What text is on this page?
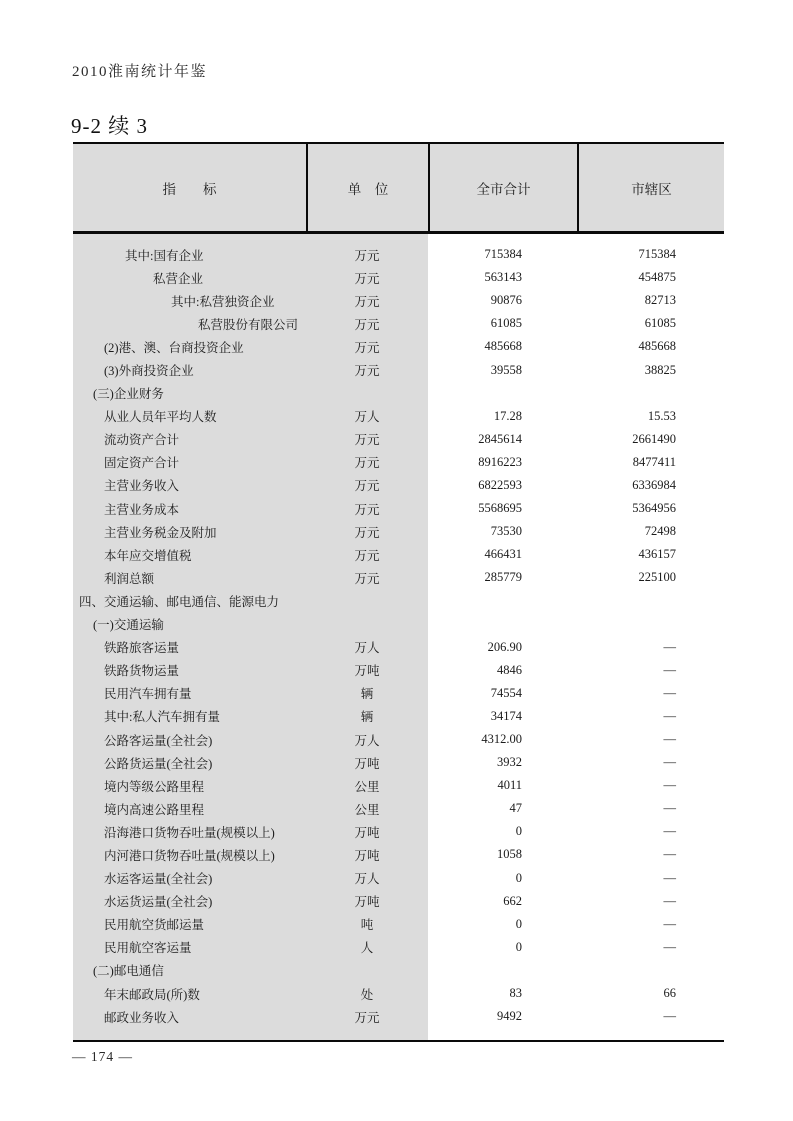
2010淮南统计年鉴
9-2 续 3
指　　标	单　位	全市合计	市辖区
其中:国有企业	万元	715384	715384
私营企业	万元	563143	454875
其中:私营独资企业	万元	90876	82713
私营股份有限公司	万元	61085	61085
(2)港、澳、台商投资企业	万元	485668	485668
(3)外商投资企业	万元	39558	38825
(三)企业财务
从业人员年平均人数	万人	17.28	15.53
流动资产合计	万元	2845614	2661490
固定资产合计	万元	8916223	8477411
主营业务收入	万元	6822593	6336984
主营业务成本	万元	5568695	5364956
主营业务税金及附加	万元	73530	72498
本年应交增值税	万元	466431	436157
利润总额	万元	285779	225100
四、交通运输、邮电通信、能源电力
(一)交通运输
铁路旅客运量	万人	206.90	—
铁路货物运量	万吨	4846	—
民用汽车拥有量	辆	74554	—
其中:私人汽车拥有量	辆	34174	—
公路客运量(全社会)	万人	4312.00	—
公路货运量(全社会)	万吨	3932	—
境内等级公路里程	公里	4011	—
境内高速公路里程	公里	47	—
沿海港口货物吞吐量(规模以上)	万吨	0	—
内河港口货物吞吐量(规模以上)	万吨	1058	—
水运客运量(全社会)	万人	0	—
水运货运量(全社会)	万吨	662	—
民用航空货邮运量	吨	0	—
民用航空客运量	人	0	—
(二)邮电通信
年末邮政局(所)数	处	83	66
邮政业务收入	万元	9492	—
— 174 —
